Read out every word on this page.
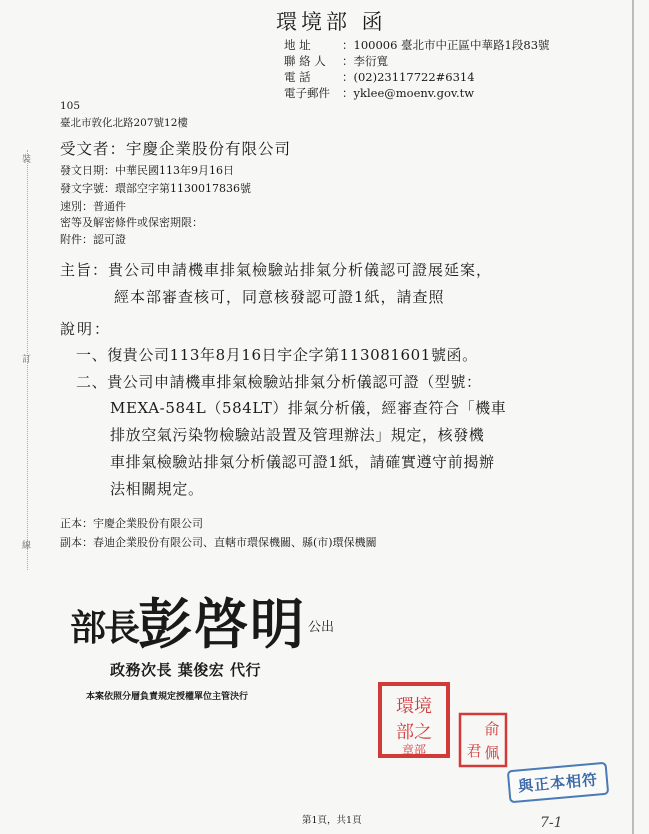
裝
訂
線
環境部 函
地 址	：100006 臺北市中正區中華路1段83號
聯 絡 人 ：李衍寬
電 話	：(02)23117722#6314
電子郵件 ：yklee@moenv.gov.tw
105
臺北市敦化北路207號12樓
受文者：宇慶企業股份有限公司
發文日期：中華民國113年9月16日
發文字號：環部空字第1130017836號
速別：普通件
密等及解密條件或保密期限：
附件：認可證
主旨：貴公司申請機車排氣檢驗站排氣分析儀認可證展延案，
經本部審查核可，同意核發認可證1紙，請查照
說明：
一、復貴公司113年8月16日宇企字第113081601號函。
二、貴公司申請機車排氣檢驗站排氣分析儀認可證（型號：
MEXA-584L（584LT）排氣分析儀，經審查符合「機車
排放空氣污染物檢驗站設置及管理辦法」規定，核發機
車排氣檢驗站排氣分析儀認可證1紙，請確實遵守前揭辦
法相關規定。
正本：宇慶企業股份有限公司
副本：春迪企業股份有限公司、直轄市環保機關、縣(市)環保機關
部長 彭啓明 公出
政務次長 葉俊宏 代行
本案依照分層負責規定授權單位主管決行	環境
部之
章部
俞
君 佩
與正本相符
第1頁，共1頁	7-1
